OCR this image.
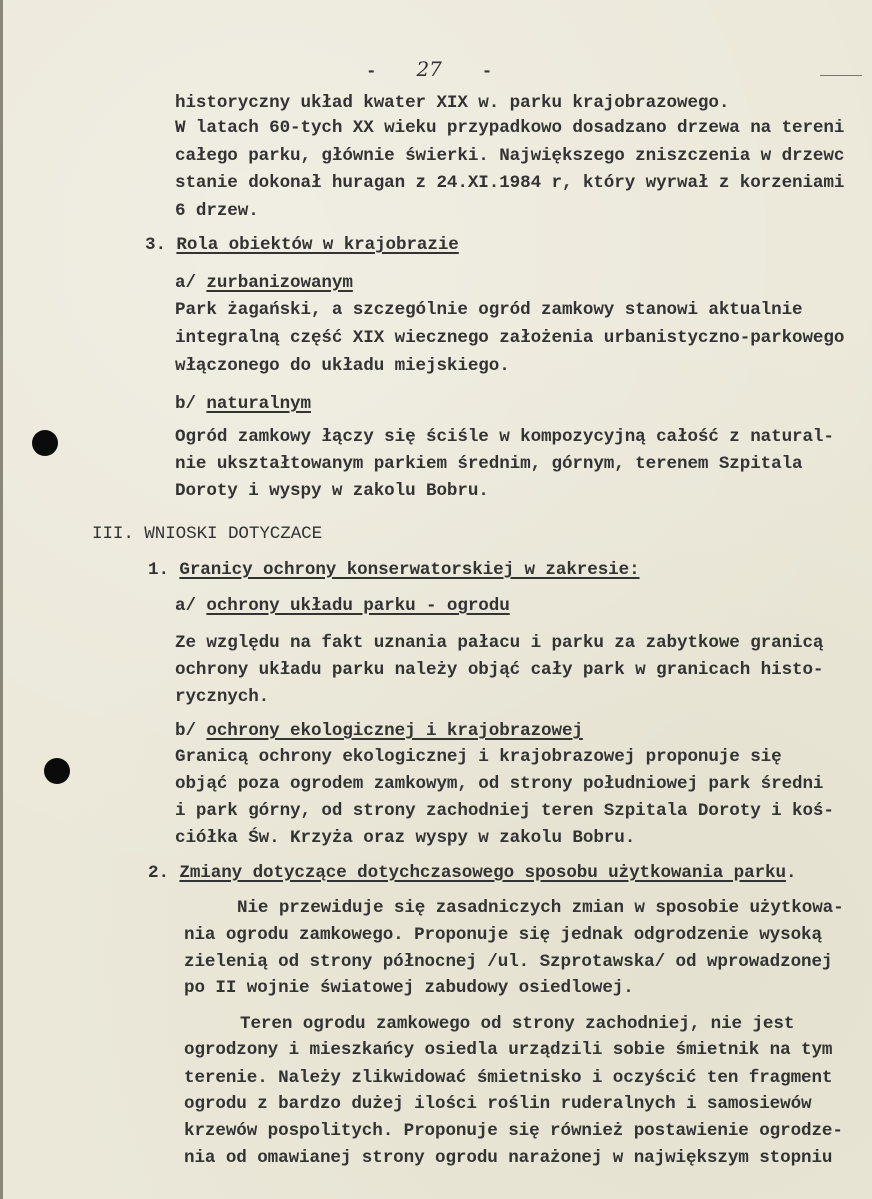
- 27 -
historyczny układ kwater XIX w. parku krajobrazowego.
W latach 60-tych XX wieku przypadkowo dosadzano drzewa na tereni
całego parku, głównie świerki. Największego zniszczenia w drzewc
stanie dokonał huragan z 24.XI.1984 r, który wyrwał z korzeniami
6 drzew.
3. Rola obiektów w krajobrazie
a/ zurbanizowanym
Park żagański, a szczególnie ogród zamkowy stanowi aktualnie
integralną część XIX wiecznego założenia urbanistyczno-parkowego
włączonego do układu miejskiego.
b/ naturalnym
Ogród zamkowy łączy się ściśle w kompozycyjną całość z natural-
nie ukształtowanym parkiem średnim, górnym, terenem Szpitala
Doroty i wyspy w zakolu Bobru.
III. WNIOSKI DOTYCZACE
1. Granicy ochrony konserwatorskiej w zakresie:
a/ ochrony układu parku - ogrodu
Ze względu na fakt uznania pałacu i parku za zabytkowe granicą
ochrony układu parku należy objąć cały park w granicach histo-
rycznych.
b/ ochrony ekologicznej i krajobrazowej
Granicą ochrony ekologicznej i krajobrazowej proponuje się
objąć poza ogrodem zamkowym, od strony południowej park średni
i park górny, od strony zachodniej teren Szpitala Doroty i koś-
ciółka Św. Krzyża oraz wyspy w zakolu Bobru.
2. Zmiany dotyczące dotychczasowego sposobu użytkowania parku.
Nie przewiduje się zasadniczych zmian w sposobie użytkowa-
nia ogrodu zamkowego. Proponuje się jednak odgrodzenie wysoką
zielenią od strony północnej /ul. Szprotawska/ od wprowadzonej
po II wojnie światowej zabudowy osiedlowej.
Teren ogrodu zamkowego od strony zachodniej, nie jest
ogrodzony i mieszkańcy osiedla urządzili sobie śmietnik na tym
terenie. Należy zlikwidować śmietnisko i oczyścić ten fragment
ogrodu z bardzo dużej ilości roślin ruderalnych i samosiewów
krzewów pospolitych. Proponuje się również postawienie ogrodze-
nia od omawianej strony ogrodu narażonej w największym stopniu
